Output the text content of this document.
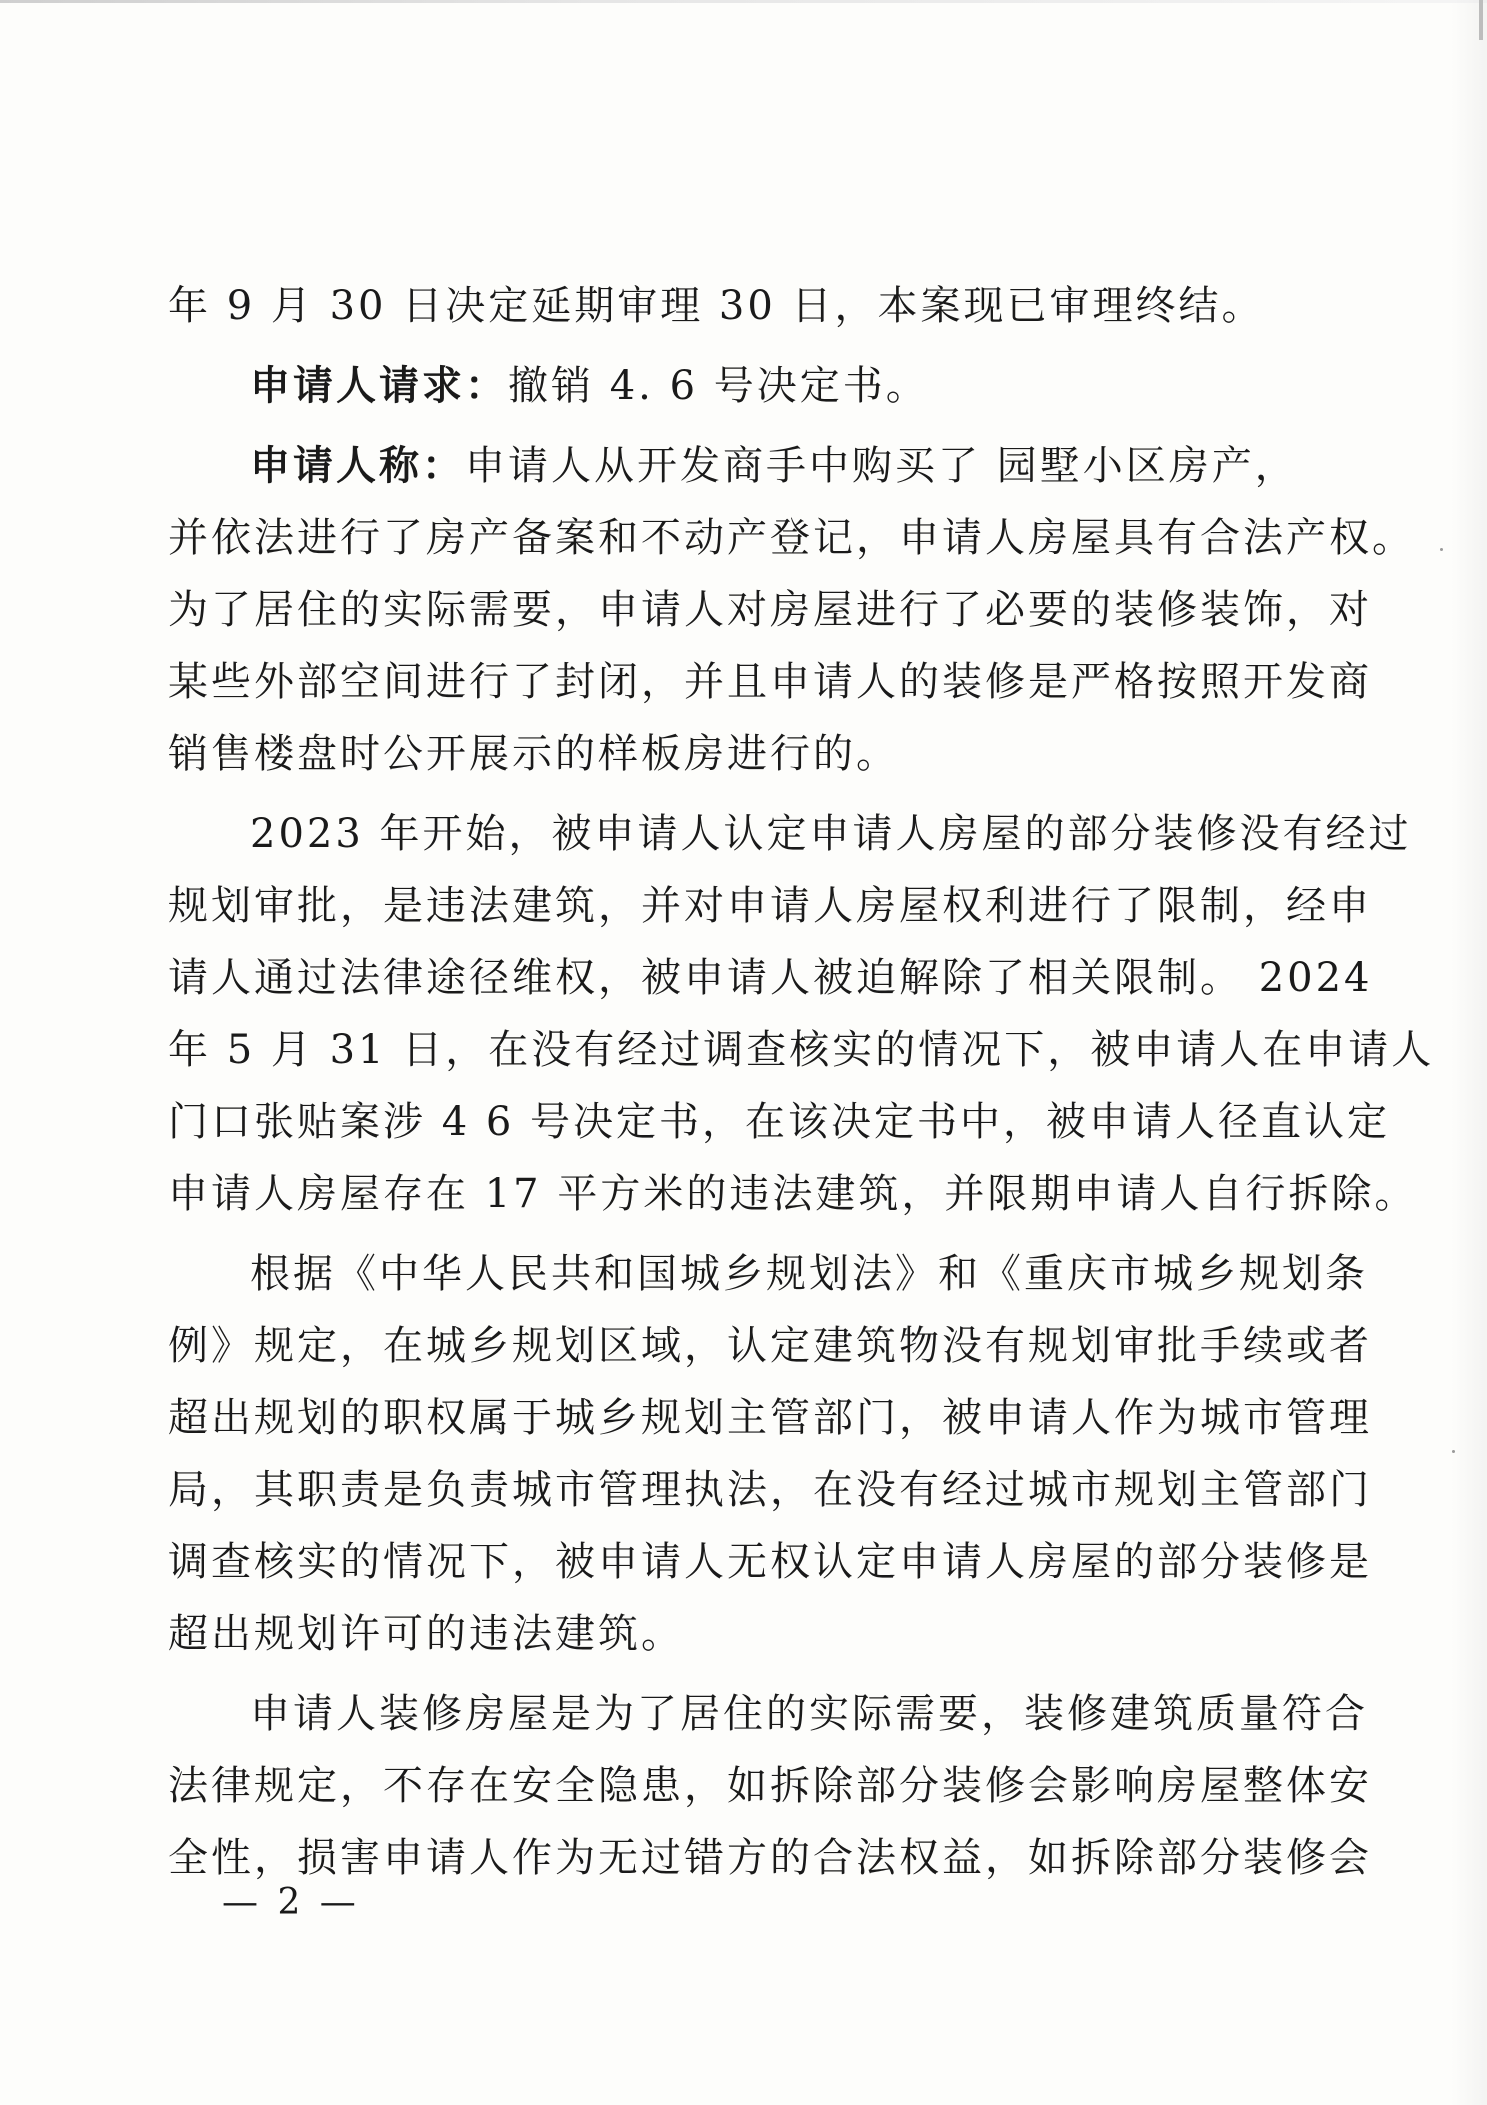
年 9 月 30 日决定延期审理 30 日，本案现已审理终结。

申请人请求：撤销 4. 6 号决定书。

申请人称：申请人从开发商手中购买了 园墅小区房产，

并依法进行了房产备案和不动产登记，申请人房屋具有合法产权。

为了居住的实际需要，申请人对房屋进行了必要的装修装饰，对

某些外部空间进行了封闭，并且申请人的装修是严格按照开发商

销售楼盘时公开展示的样板房进行的。

2023 年开始，被申请人认定申请人房屋的部分装修没有经过

规划审批，是违法建筑，并对申请人房屋权利进行了限制，经申

请人通过法律途径维权，被申请人被迫解除了相关限制。 2024

年 5 月 31 日，在没有经过调查核实的情况下，被申请人在申请人

门口张贴案涉 4 6 号决定书，在该决定书中，被申请人径直认定

申请人房屋存在 17 平方米的违法建筑，并限期申请人自行拆除。

根据《中华人民共和国城乡规划法》和《重庆市城乡规划条

例》规定，在城乡规划区域，认定建筑物没有规划审批手续或者

超出规划的职权属于城乡规划主管部门，被申请人作为城市管理

局，其职责是负责城市管理执法，在没有经过城市规划主管部门

调查核实的情况下，被申请人无权认定申请人房屋的部分装修是

超出规划许可的违法建筑。

申请人装修房屋是为了居住的实际需要，装修建筑质量符合

法律规定，不存在安全隐患，如拆除部分装修会影响房屋整体安

全性，损害申请人作为无过错方的合法权益，如拆除部分装修会

— 2 —
